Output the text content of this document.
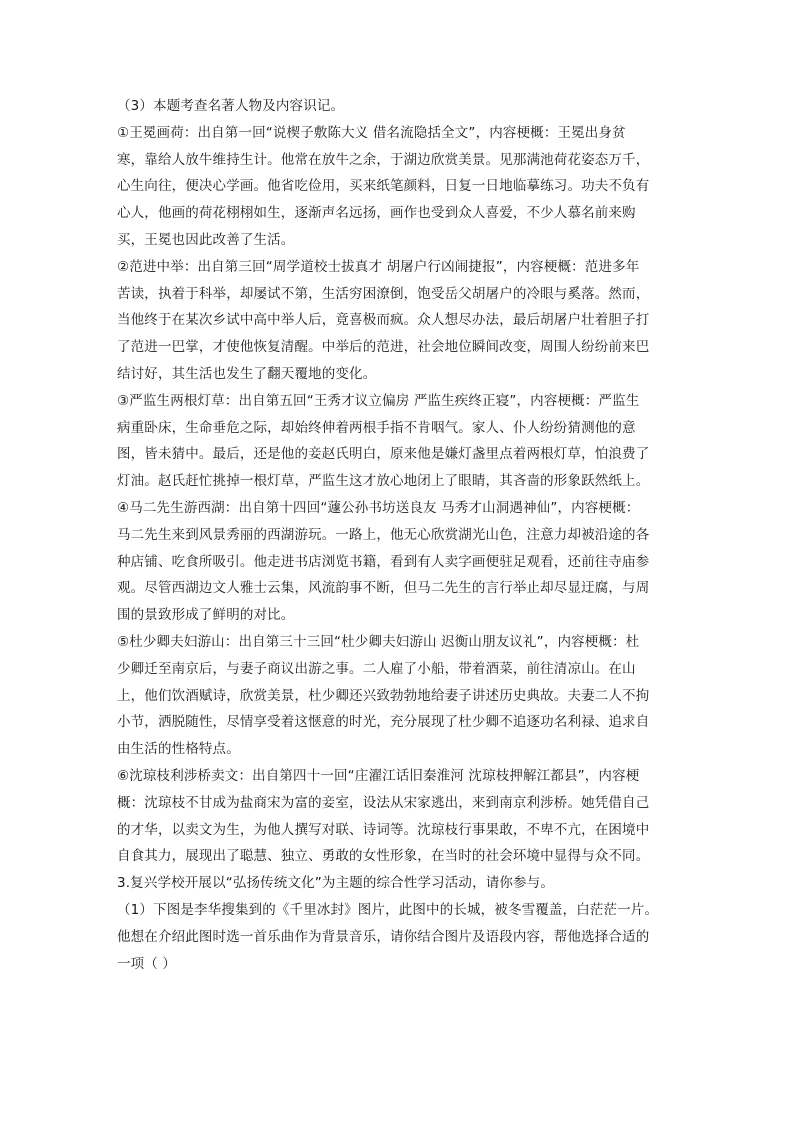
（3）本题考查名著人物及内容识记。

①王冕画荷：出自第一回“说楔子敷陈大义 借名流隐括全文”，内容梗概：王冕出身贫

寒，靠给人放牛维持生计。他常在放牛之余，于湖边欣赏美景。见那满池荷花姿态万千，

心生向往，便决心学画。他省吃俭用，买来纸笔颜料，日复一日地临摹练习。功夫不负有

心人，他画的荷花栩栩如生，逐渐声名远扬，画作也受到众人喜爱，不少人慕名前来购

买，王冕也因此改善了生活。

②范进中举：出自第三回“周学道校士拔真才 胡屠户行凶闹捷报”，内容梗概：范进多年

苦读，执着于科举，却屡试不第，生活穷困潦倒，饱受岳父胡屠户的冷眼与奚落。然而，

当他终于在某次乡试中高中举人后，竟喜极而疯。众人想尽办法，最后胡屠户壮着胆子打

了范进一巴掌，才使他恢复清醒。中举后的范进，社会地位瞬间改变，周围人纷纷前来巴

结讨好，其生活也发生了翻天覆地的变化。

③严监生两根灯草：出自第五回“王秀才议立偏房 严监生疾终正寝”，内容梗概：严监生

病重卧床，生命垂危之际，却始终伸着两根手指不肯咽气。家人、仆人纷纷猜测他的意

图，皆未猜中。最后，还是他的妾赵氏明白，原来他是嫌灯盏里点着两根灯草，怕浪费了

灯油。赵氏赶忙挑掉一根灯草，严监生这才放心地闭上了眼睛，其吝啬的形象跃然纸上。

④马二先生游西湖：出自第十四回“蘧公孙书坊送良友 马秀才山洞遇神仙”，内容梗概：

马二先生来到风景秀丽的西湖游玩。一路上，他无心欣赏湖光山色，注意力却被沿途的各

种店铺、吃食所吸引。他走进书店浏览书籍，看到有人卖字画便驻足观看，还前往寺庙参

观。尽管西湖边文人雅士云集，风流韵事不断，但马二先生的言行举止却尽显迂腐，与周

围的景致形成了鲜明的对比。

⑤杜少卿夫妇游山：出自第三十三回“杜少卿夫妇游山 迟衡山朋友议礼”，内容梗概：杜

少卿迁至南京后，与妻子商议出游之事。二人雇了小船，带着酒菜，前往清凉山。在山

上，他们饮酒赋诗，欣赏美景，杜少卿还兴致勃勃地给妻子讲述历史典故。夫妻二人不拘

小节，洒脱随性，尽情享受着这惬意的时光，充分展现了杜少卿不追逐功名利禄、追求自

由生活的性格特点。

⑥沈琼枝利涉桥卖文：出自第四十一回“庄濯江话旧秦淮河 沈琼枝押解江都县”，内容梗

概：沈琼枝不甘成为盐商宋为富的妾室，设法从宋家逃出，来到南京利涉桥。她凭借自己

的才华，以卖文为生，为他人撰写对联、诗词等。沈琼枝行事果敢，不卑不亢，在困境中

自食其力，展现出了聪慧、独立、勇敢的女性形象，在当时的社会环境中显得与众不同。

3.复兴学校开展以“弘扬传统文化”为主题的综合性学习活动，请你参与。

（1）下图是李华搜集到的《千里冰封》图片，此图中的长城，被冬雪覆盖，白茫茫一片。

他想在介绍此图时选一首乐曲作为背景音乐，请你结合图片及语段内容，帮他选择合适的

一项（ ）
